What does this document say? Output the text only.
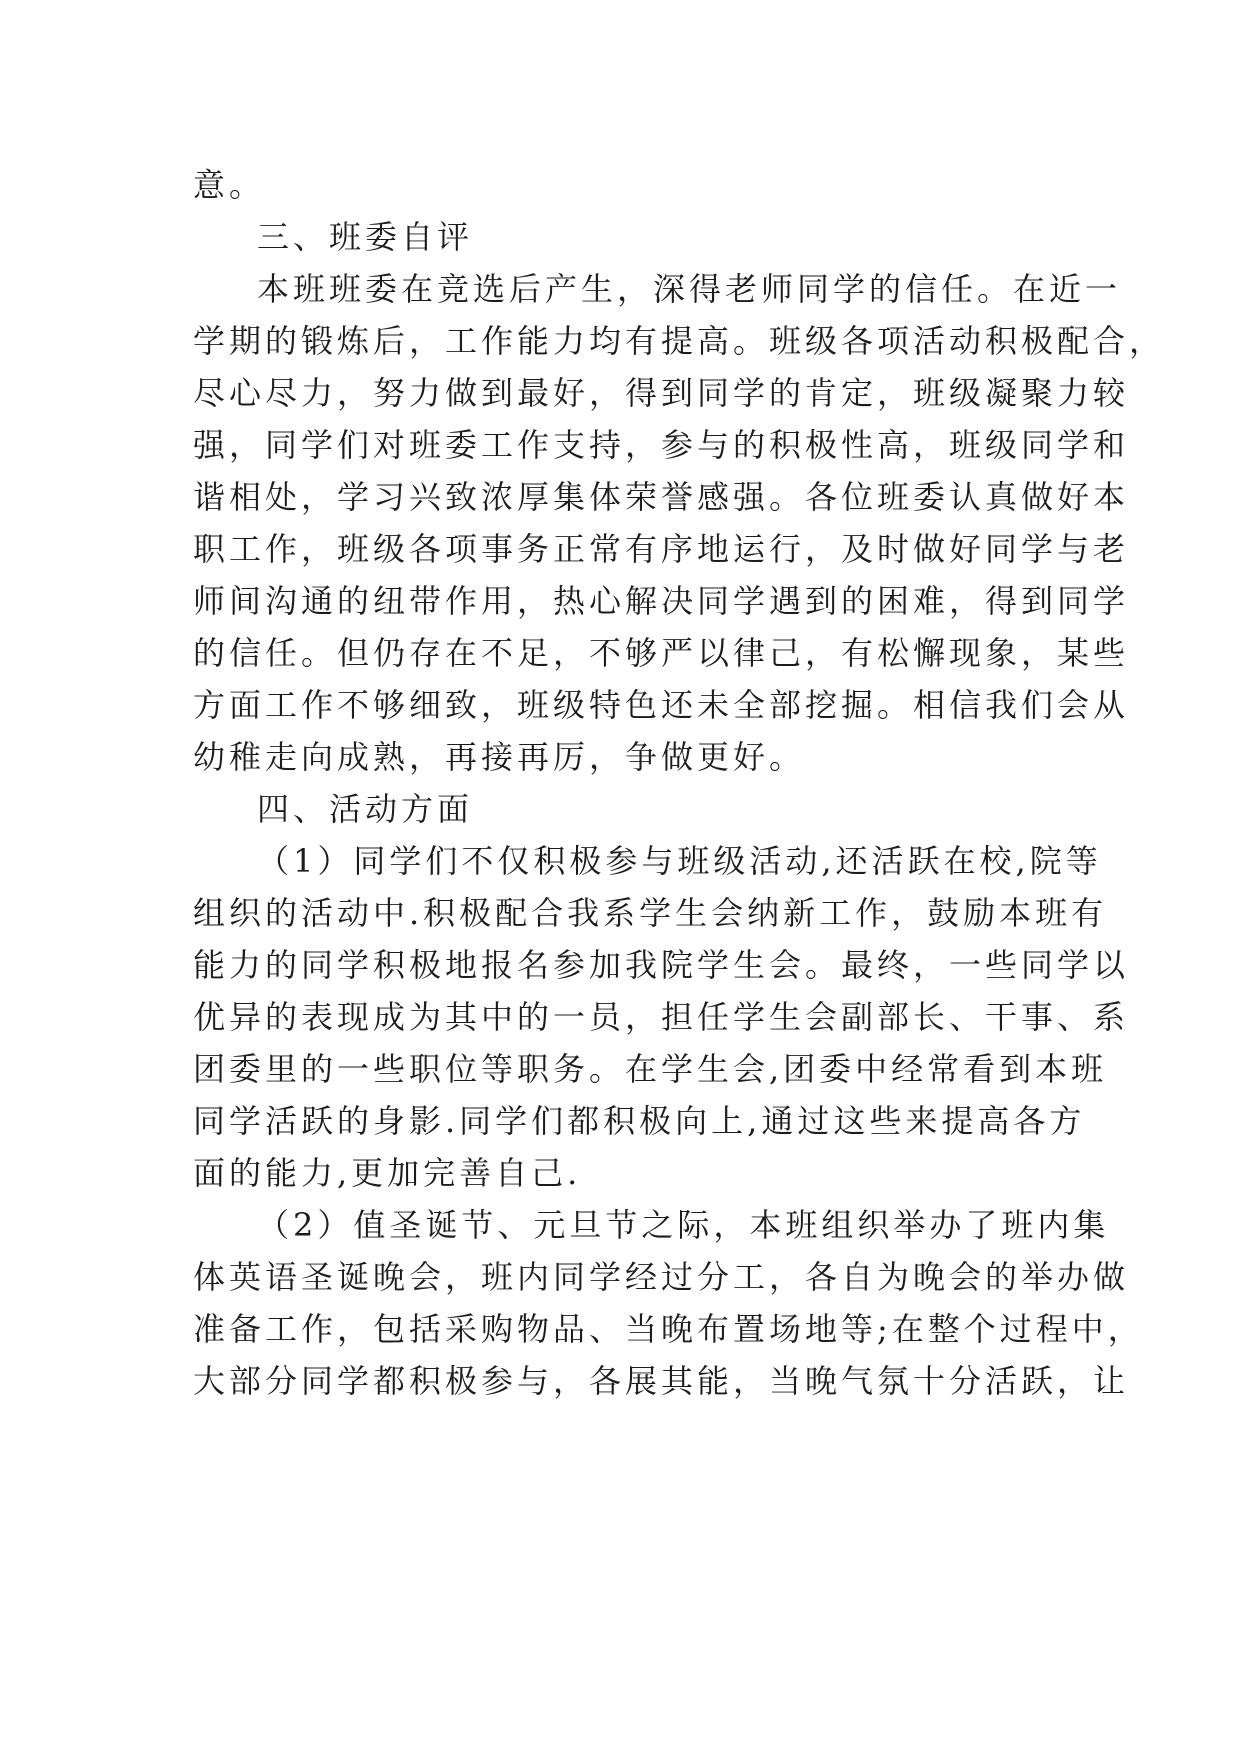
意。
三、班委自评
本班班委在竞选后产生，深得老师同学的信任。在近一
学期的锻炼后，工作能力均有提高。班级各项活动积极配合，
尽心尽力，努力做到最好，得到同学的肯定，班级凝聚力较
强，同学们对班委工作支持，参与的积极性高，班级同学和
谐相处，学习兴致浓厚集体荣誉感强。各位班委认真做好本
职工作，班级各项事务正常有序地运行，及时做好同学与老
师间沟通的纽带作用，热心解决同学遇到的困难，得到同学
的信任。但仍存在不足，不够严以律己，有松懈现象，某些
方面工作不够细致，班级特色还未全部挖掘。相信我们会从
幼稚走向成熟，再接再厉，争做更好。
四、活动方面
（1）同学们不仅积极参与班级活动,还活跃在校,院等
组织的活动中.积极配合我系学生会纳新工作，鼓励本班有
能力的同学积极地报名参加我院学生会。最终，一些同学以
优异的表现成为其中的一员，担任学生会副部长、干事、系
团委里的一些职位等职务。在学生会,团委中经常看到本班
同学活跃的身影.同学们都积极向上,通过这些来提高各方
面的能力,更加完善自己.
（2）值圣诞节、元旦节之际，本班组织举办了班内集
体英语圣诞晚会，班内同学经过分工，各自为晚会的举办做
准备工作，包括采购物品、当晚布置场地等;在整个过程中，
大部分同学都积极参与，各展其能，当晚气氛十分活跃，让
